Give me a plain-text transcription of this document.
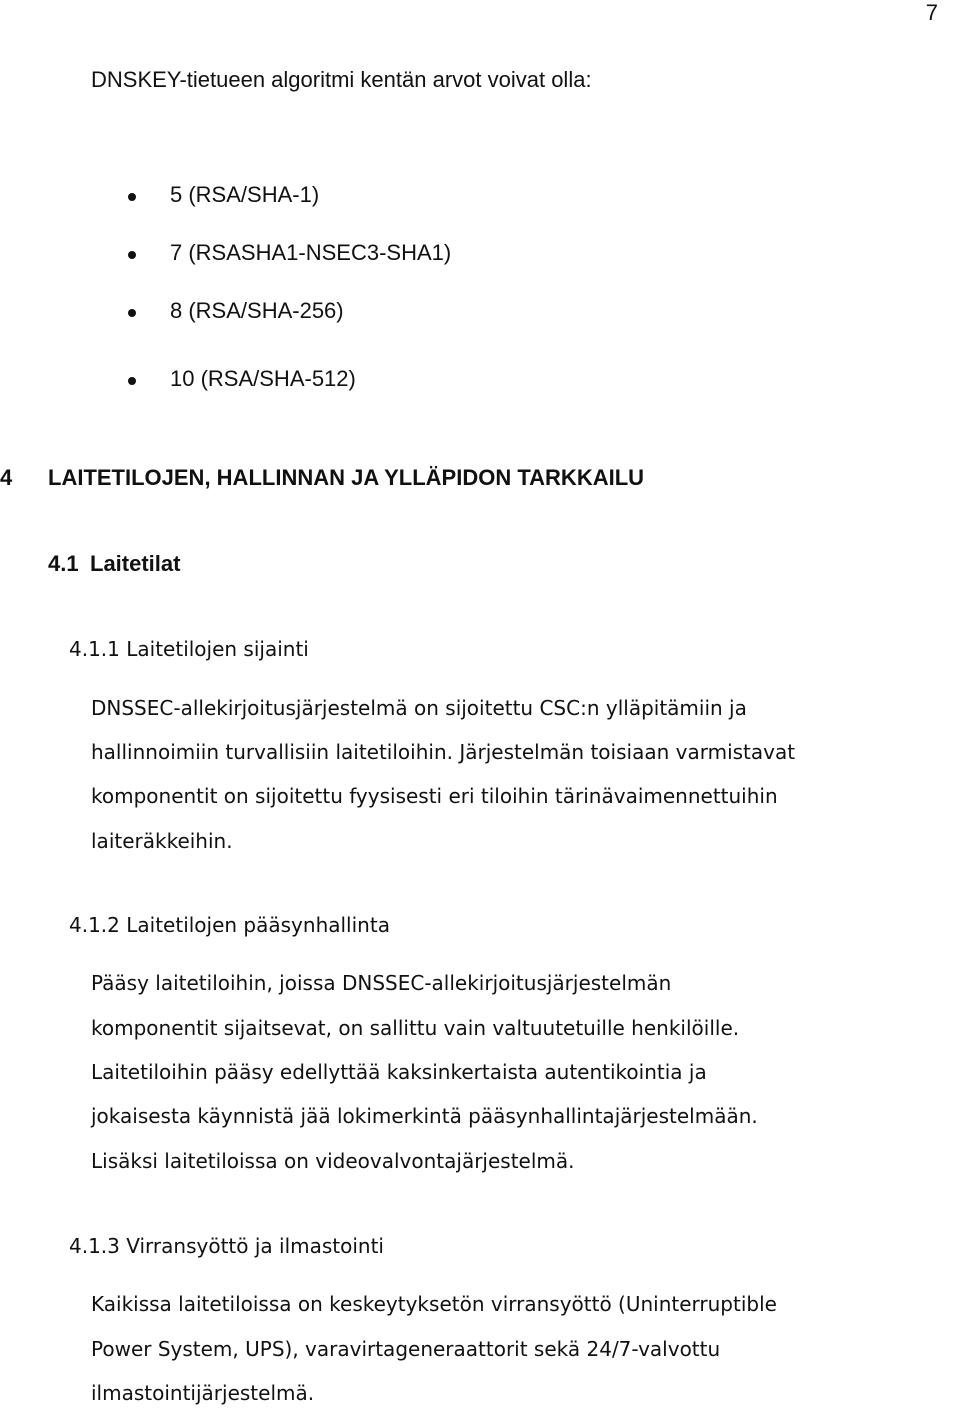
7
DNSKEY-tietueen algoritmi kentän arvot voivat olla:
5 (RSA/SHA-1)
7 (RSASHA1-NSEC3-SHA1)
8 (RSA/SHA-256)
10 (RSA/SHA-512)
4 LAITETILOJEN, HALLINNAN JA YLLÄPIDON TARKKAILU
4.1 Laitetilat
4.1.1 Laitetilojen sijainti
DNSSEC-allekirjoitusjärjestelmä on sijoitettu CSC:n ylläpitämiin ja
hallinnoimiin turvallisiin laitetiloihin. Järjestelmän toisiaan varmistavat
komponentit on sijoitettu fyysisesti eri tiloihin tärinävaimennettuihin
laiteräkkeihin.
4.1.2 Laitetilojen pääsynhallinta
Pääsy laitetiloihin, joissa DNSSEC-allekirjoitusjärjestelmän
komponentit sijaitsevat, on sallittu vain valtuutetuille henkilöille.
Laitetiloihin pääsy edellyttää kaksinkertaista autentikointia ja
jokaisesta käynnistä jää lokimerkintä pääsynhallintajärjestelmään.
Lisäksi laitetiloissa on videovalvontajärjestelmä.
4.1.3 Virransyöttö ja ilmastointi
Kaikissa laitetiloissa on keskeytyksetön virransyöttö (Uninterruptible
Power System, UPS), varavirtageneraattorit sekä 24/7-valvottu
ilmastointijärjestelmä.
